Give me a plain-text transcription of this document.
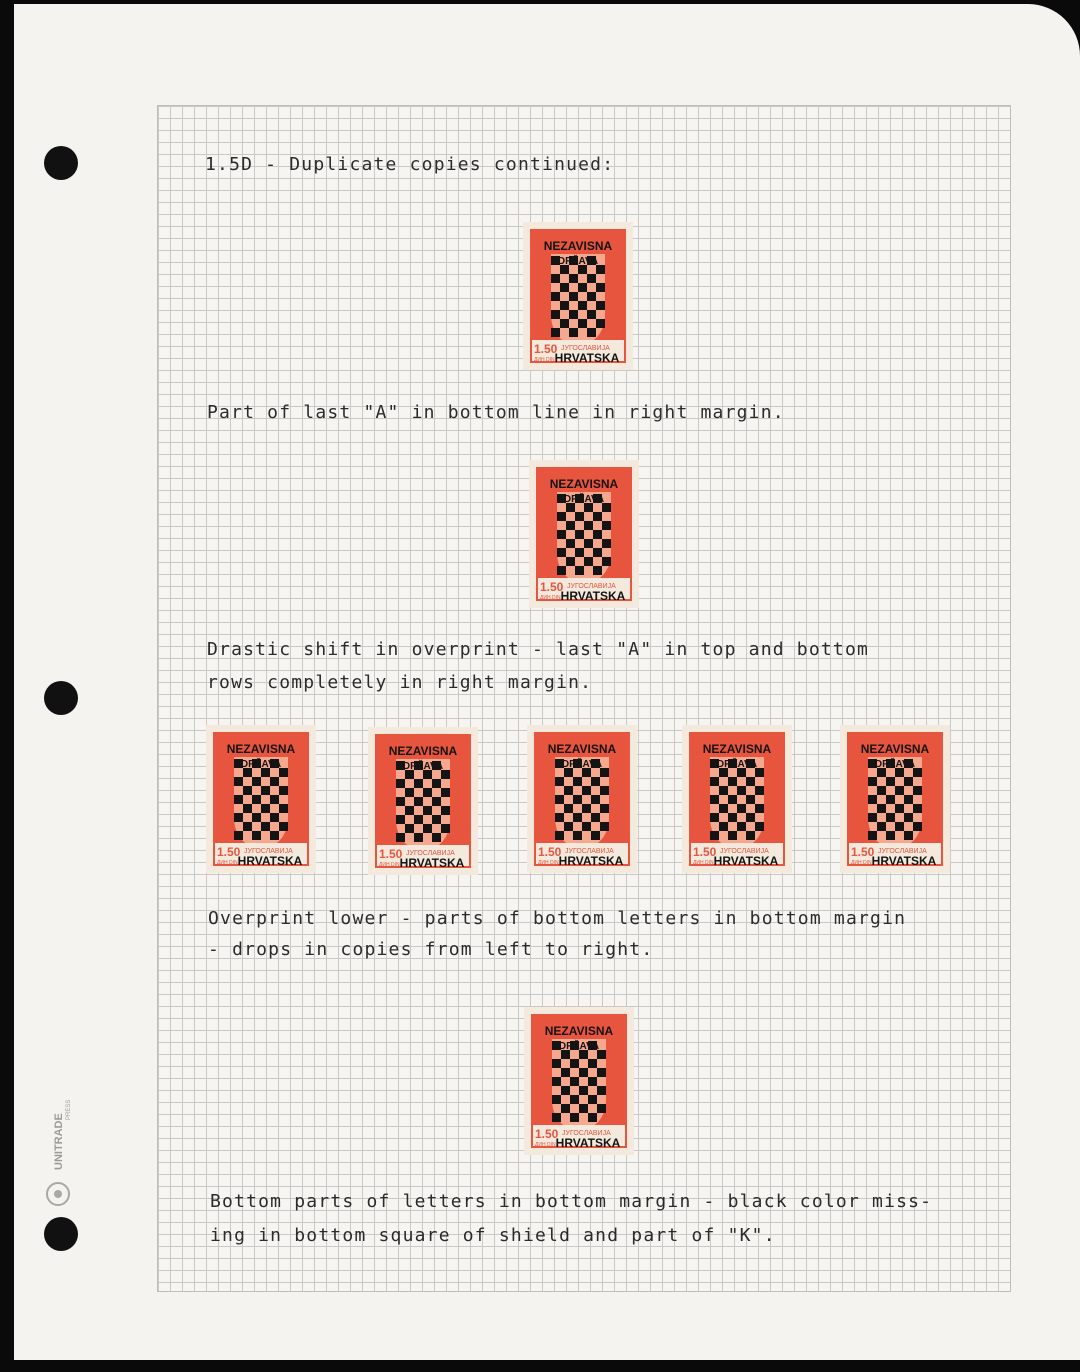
1.5D - Duplicate copies continued:
Part of last "A" in bottom line in right margin.
Drastic shift in overprint - last "A" in top and bottom
rows completely in right margin.
Overprint lower - parts of bottom letters in bottom margin
- drops in copies from left to right.
Bottom parts of letters in bottom margin - black color miss-
ing in bottom square of shield and part of "K".
NEZAVISNA
DRŽAVA
1.50 ЈУГОСЛАВИЈА
ДИН DIN HRVATSKA
NEZAVISNA
DRŽAVA
1.50 ЈУГОСЛАВИЈА
ДИН DIN HRVATSKA
NEZAVISNA
DRŽAVA
1.50 ЈУГОСЛАВИЈА
ДИН DIN HRVATSKA
NEZAVISNA
DRŽAVA
1.50 ЈУГОСЛАВИЈА
ДИН DIN HRVATSKA
NEZAVISNA
DRŽAVA
1.50 ЈУГОСЛАВИЈА
ДИН DIN HRVATSKA
NEZAVISNA
DRŽAVA
1.50 ЈУГОСЛАВИЈА
ДИН DIN HRVATSKA
NEZAVISNA
DRŽAVA
1.50 ЈУГОСЛАВИЈА
ДИН DIN HRVATSKA
NEZAVISNA
DRŽAVA
1.50 ЈУГОСЛАВИЈА
ДИН DIN HRVATSKA
UNITRADE
PRESS
